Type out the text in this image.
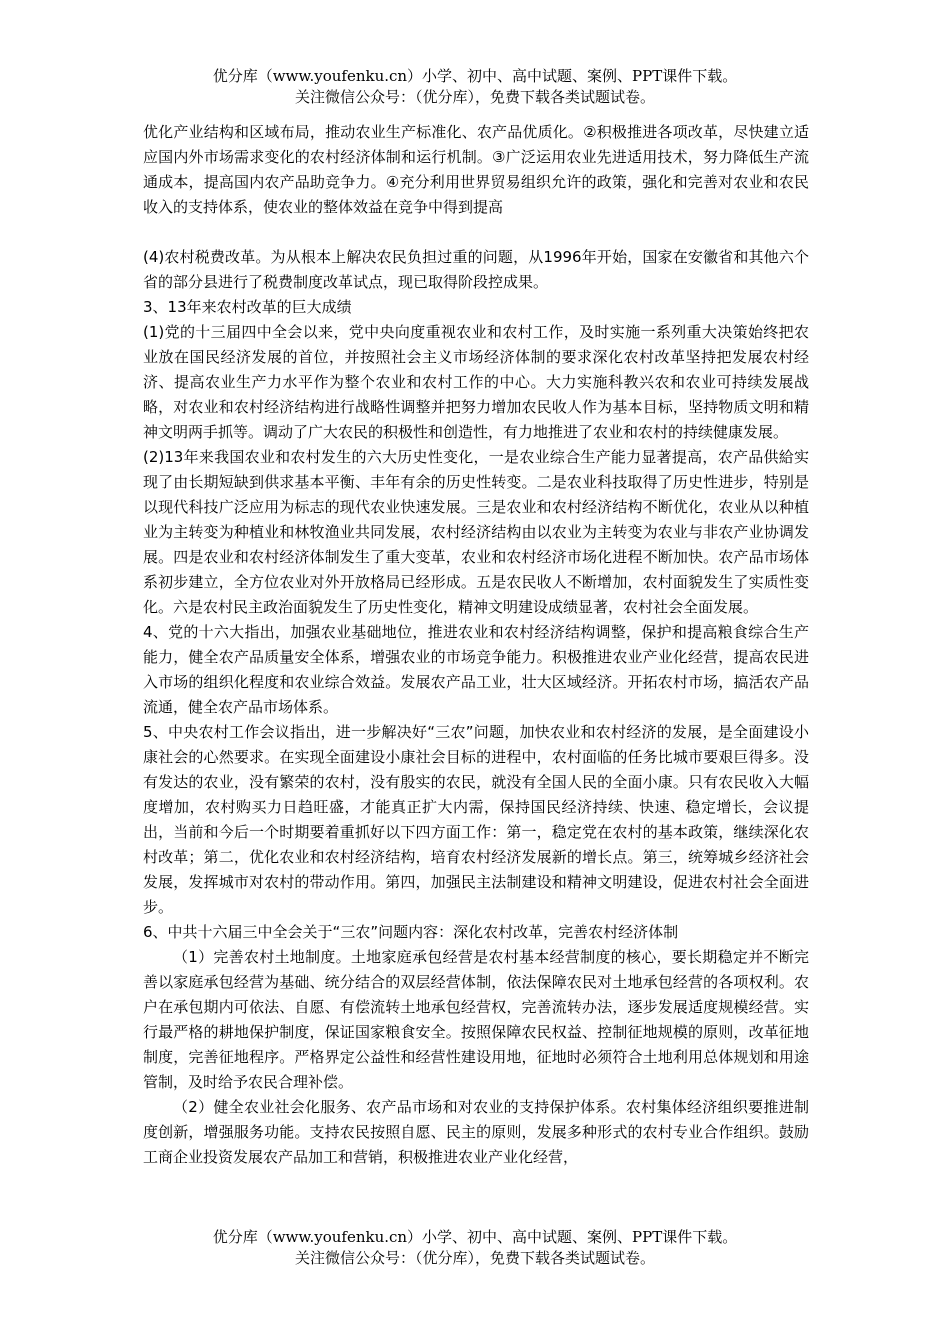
优分库（www.youfenku.cn）小学、初中、高中试题、案例、PPT课件下载。
关注微信公众号：（优分库），免费下载各类试题试卷。

优化产业结构和区域布局，推动农业生产标准化、农产品优质化。②积极推进各项改革，尽快建立适应国内外市场需求变化的农村经济体制和运行机制。③广泛运用农业先进适用技术，努力降低生产流通成本，提高国内农产品助竞争力。④充分利用世界贸易组织允许的政策，强化和完善对农业和农民收入的支持体系，使农业的整体效益在竞争中得到提高

(4)农村税费改革。为从根本上解决农民负担过重的问题，从1996年开始，国家在安徽省和其他六个省的部分县进行了税费制度改革试点，现已取得阶段控成果。

3、13年来农村改革的巨大成绩

(1)党的十三届四中全会以来，党中央向度重视农业和农村工作，及时实施一系列重大决策始终把农业放在国民经济发展的首位，并按照社会主义市场经济体制的要求深化农村改革坚持把发展农村经济、提高农业生产力水平作为整个农业和农村工作的中心。大力实施科教兴农和农业可持续发展战略，对农业和农村经济结构进行战略性调整并把努力增加农民收人作为基本目标，坚持物质文明和精神文明两手抓等。调动了广大农民的积极性和创造性，有力地推进了农业和农村的持续健康发展。

(2)13年来我国农业和农村发生的六大历史性变化，一是农业综合生产能力显著提高，农产品供給实现了由长期短缺到供求基本平衡、丰年有余的历史性转变。二是农业科技取得了历史性进步，特别是以现代科技广泛应用为标志的现代农业快速发展。三是农业和农村经济结构不断优化，农业从以种植业为主转变为种植业和林牧渔业共同发展，农村经济结构由以农业为主转变为农业与非农产业协调发展。四是农业和农村经济体制发生了重大变革，农业和农村经济市场化进程不断加快。农产品市场体系初步建立，全方位农业对外开放格局已经形成。五是农民收人不断增加，农村面貌发生了实质性变化。六是农村民主政治面貌发生了历史性变化，精神文明建设成绩显著，农村社会全面发展。

4、党的十六大指出，加强农业基础地位，推进农业和农村经济结构调整，保护和提高粮食综合生产能力，健全农产品质量安全体系，增强农业的市场竞争能力。积极推进农业产业化经营，提高农民进入市场的组织化程度和农业综合效益。发展农产品工业，壮大区域经济。开拓农村市场，搞活农产品流通，健全农产品市场体系。

5、中央农村工作会议指出，进一步解决好“三农”问题，加快农业和农村经济的发展，是全面建设小康社会的心然要求。在实现全面建设小康社会目标的进程中，农村面临的任务比城市要艰巨得多。没有发达的农业，没有繁荣的农村，没有殷实的农民，就没有全国人民的全面小康。只有农民收入大幅度增加，农村购买力日趋旺盛，才能真正扩大内需，保持国民经济持续、快速、稳定增长，会议提出，当前和今后一个时期要着重抓好以下四方面工作：第一，稳定党在农村的基本政策，继续深化农村改革；第二，优化农业和农村经济结构，培育农村经济发展新的增长点。第三，统筹城乡经济社会发展，发挥城市对农村的带动作用。第四，加强民主法制建设和精神文明建设，促进农村社会全面进步。

6、中共十六届三中全会关于“三农”问题内容：深化农村改革，完善农村经济体制

（1）完善农村土地制度。土地家庭承包经营是农村基本经营制度的核心，要长期稳定并不断完善以家庭承包经营为基础、统分结合的双层经营体制，依法保障农民对土地承包经营的各项权利。农户在承包期内可依法、自愿、有偿流转土地承包经营权，完善流转办法，逐步发展适度规模经营。实行最严格的耕地保护制度，保证国家粮食安全。按照保障农民权益、控制征地规模的原则，改革征地制度，完善征地程序。严格界定公益性和经营性建设用地，征地时必须符合土地利用总体规划和用途管制，及时给予农民合理补偿。

（2）健全农业社会化服务、农产品市场和对农业的支持保护体系。农村集体经济组织要推进制度创新，增强服务功能。支持农民按照自愿、民主的原则，发展多种形式的农村专业合作组织。鼓励工商企业投资发展农产品加工和营销，积极推进农业产业化经营，

优分库（www.youfenku.cn）小学、初中、高中试题、案例、PPT课件下载。
关注微信公众号：（优分库），免费下载各类试题试卷。
